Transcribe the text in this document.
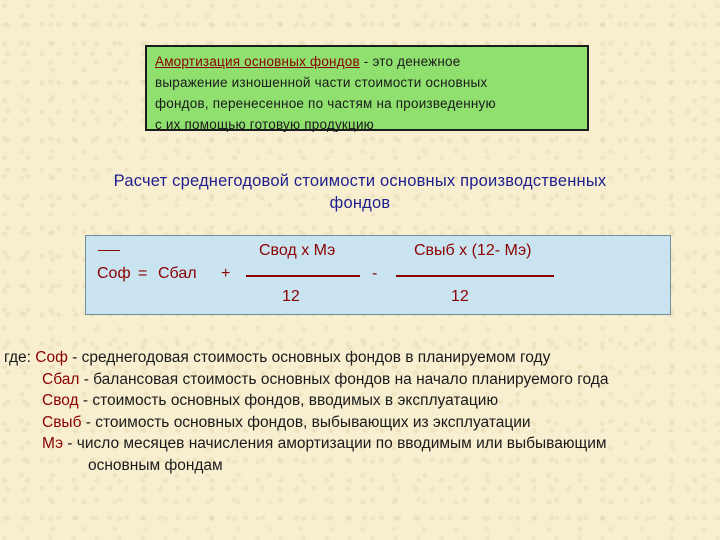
Амортизация основных фондов - это денежное
выражение изношенной части стоимости основных
фондов, перенесенное по частям на произведенную
с их помощью готовую продукцию
Расчет среднегодовой стоимости основных производственных
фондов
Соф = Сбал +
Свод х Мэ
12
-
Свыб х (12- Мэ)
12
где: Соф - среднегодовая стоимость основных фондов в планируемом году
Сбал - балансовая стоимость основных фондов на начало планируемого года
Свод - стоимость основных фондов, вводимых в эксплуатацию
Свыб - стоимость основных фондов, выбывающих из эксплуатации
Мэ - число месяцев начисления амортизации по вводимым или выбывающим
основным фондам
